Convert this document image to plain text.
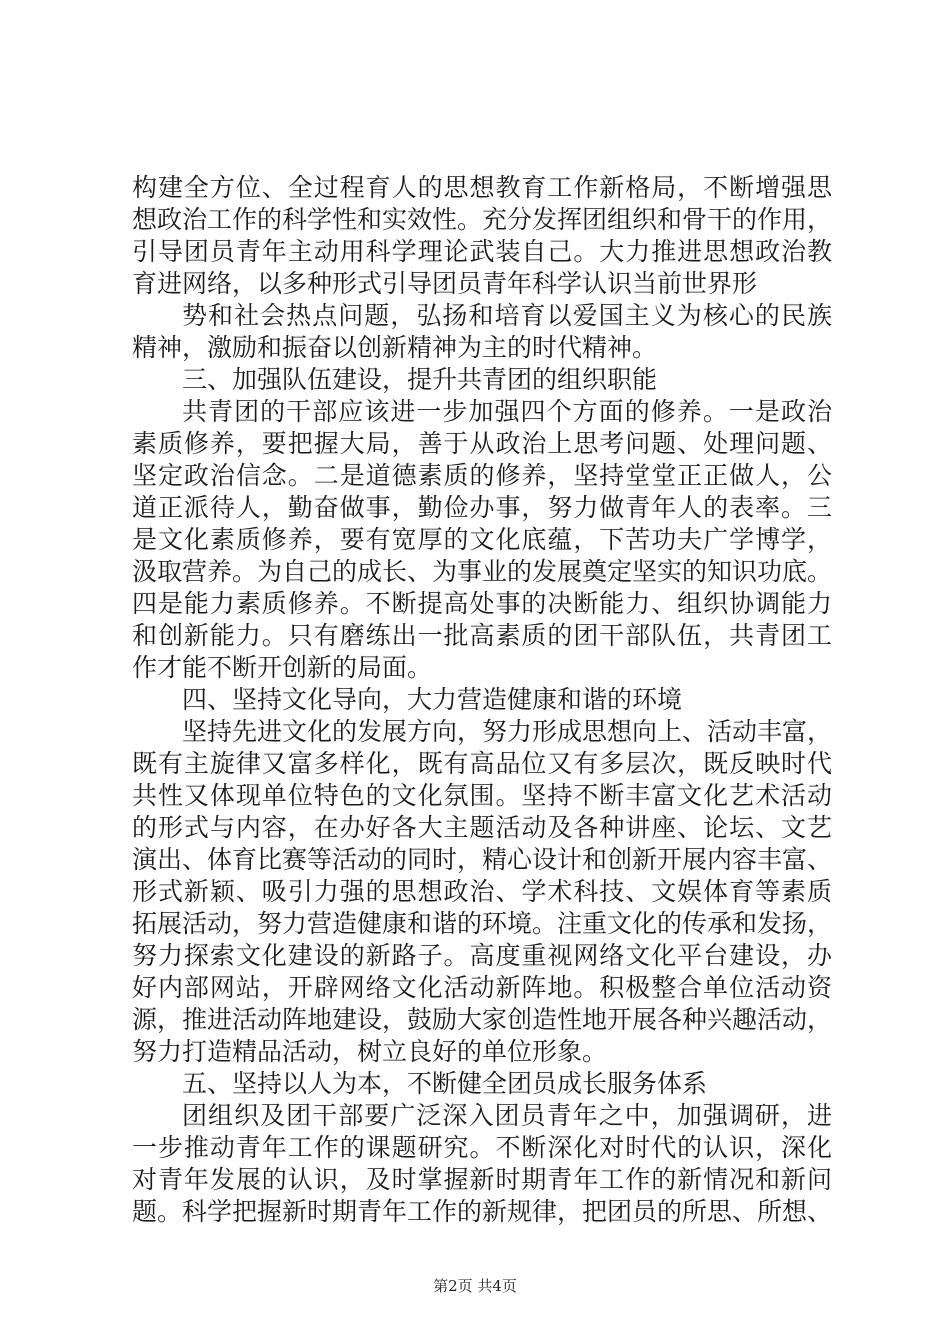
构建全方位、全过程育人的思想教育工作新格局，不断增强思
想政治工作的科学性和实效性。充分发挥团组织和骨干的作用，
引导团员青年主动用科学理论武装自己。大力推进思想政治教
育进网络，以多种形式引导团员青年科学认识当前世界形
势和社会热点问题，弘扬和培育以爱国主义为核心的民族
精神，激励和振奋以创新精神为主的时代精神。
三、加强队伍建设，提升共青团的组织职能
共青团的干部应该进一步加强四个方面的修养。一是政治
素质修养，要把握大局，善于从政治上思考问题、处理问题、
坚定政治信念。二是道德素质的修养，坚持堂堂正正做人，公
道正派待人，勤奋做事，勤俭办事，努力做青年人的表率。三
是文化素质修养，要有宽厚的文化底蕴，下苦功夫广学博学，
汲取营养。为自己的成长、为事业的发展奠定坚实的知识功底。
四是能力素质修养。不断提高处事的决断能力、组织协调能力
和创新能力。只有磨练出一批高素质的团干部队伍，共青团工
作才能不断开创新的局面。
四、坚持文化导向，大力营造健康和谐的环境
坚持先进文化的发展方向，努力形成思想向上、活动丰富，
既有主旋律又富多样化，既有高品位又有多层次，既反映时代
共性又体现单位特色的文化氛围。坚持不断丰富文化艺术活动
的形式与内容，在办好各大主题活动及各种讲座、论坛、文艺
演出、体育比赛等活动的同时，精心设计和创新开展内容丰富、
形式新颖、吸引力强的思想政治、学术科技、文娱体育等素质
拓展活动，努力营造健康和谐的环境。注重文化的传承和发扬，
努力探索文化建设的新路子。高度重视网络文化平台建设，办
好内部网站，开辟网络文化活动新阵地。积极整合单位活动资
源，推进活动阵地建设，鼓励大家创造性地开展各种兴趣活动，
努力打造精品活动，树立良好的单位形象。
五、坚持以人为本，不断健全团员成长服务体系
团组织及团干部要广泛深入团员青年之中，加强调研，进
一步推动青年工作的课题研究。不断深化对时代的认识，深化
对青年发展的认识，及时掌握新时期青年工作的新情况和新问
题。科学把握新时期青年工作的新规律，把团员的所思、所想、
第2页 共4页
